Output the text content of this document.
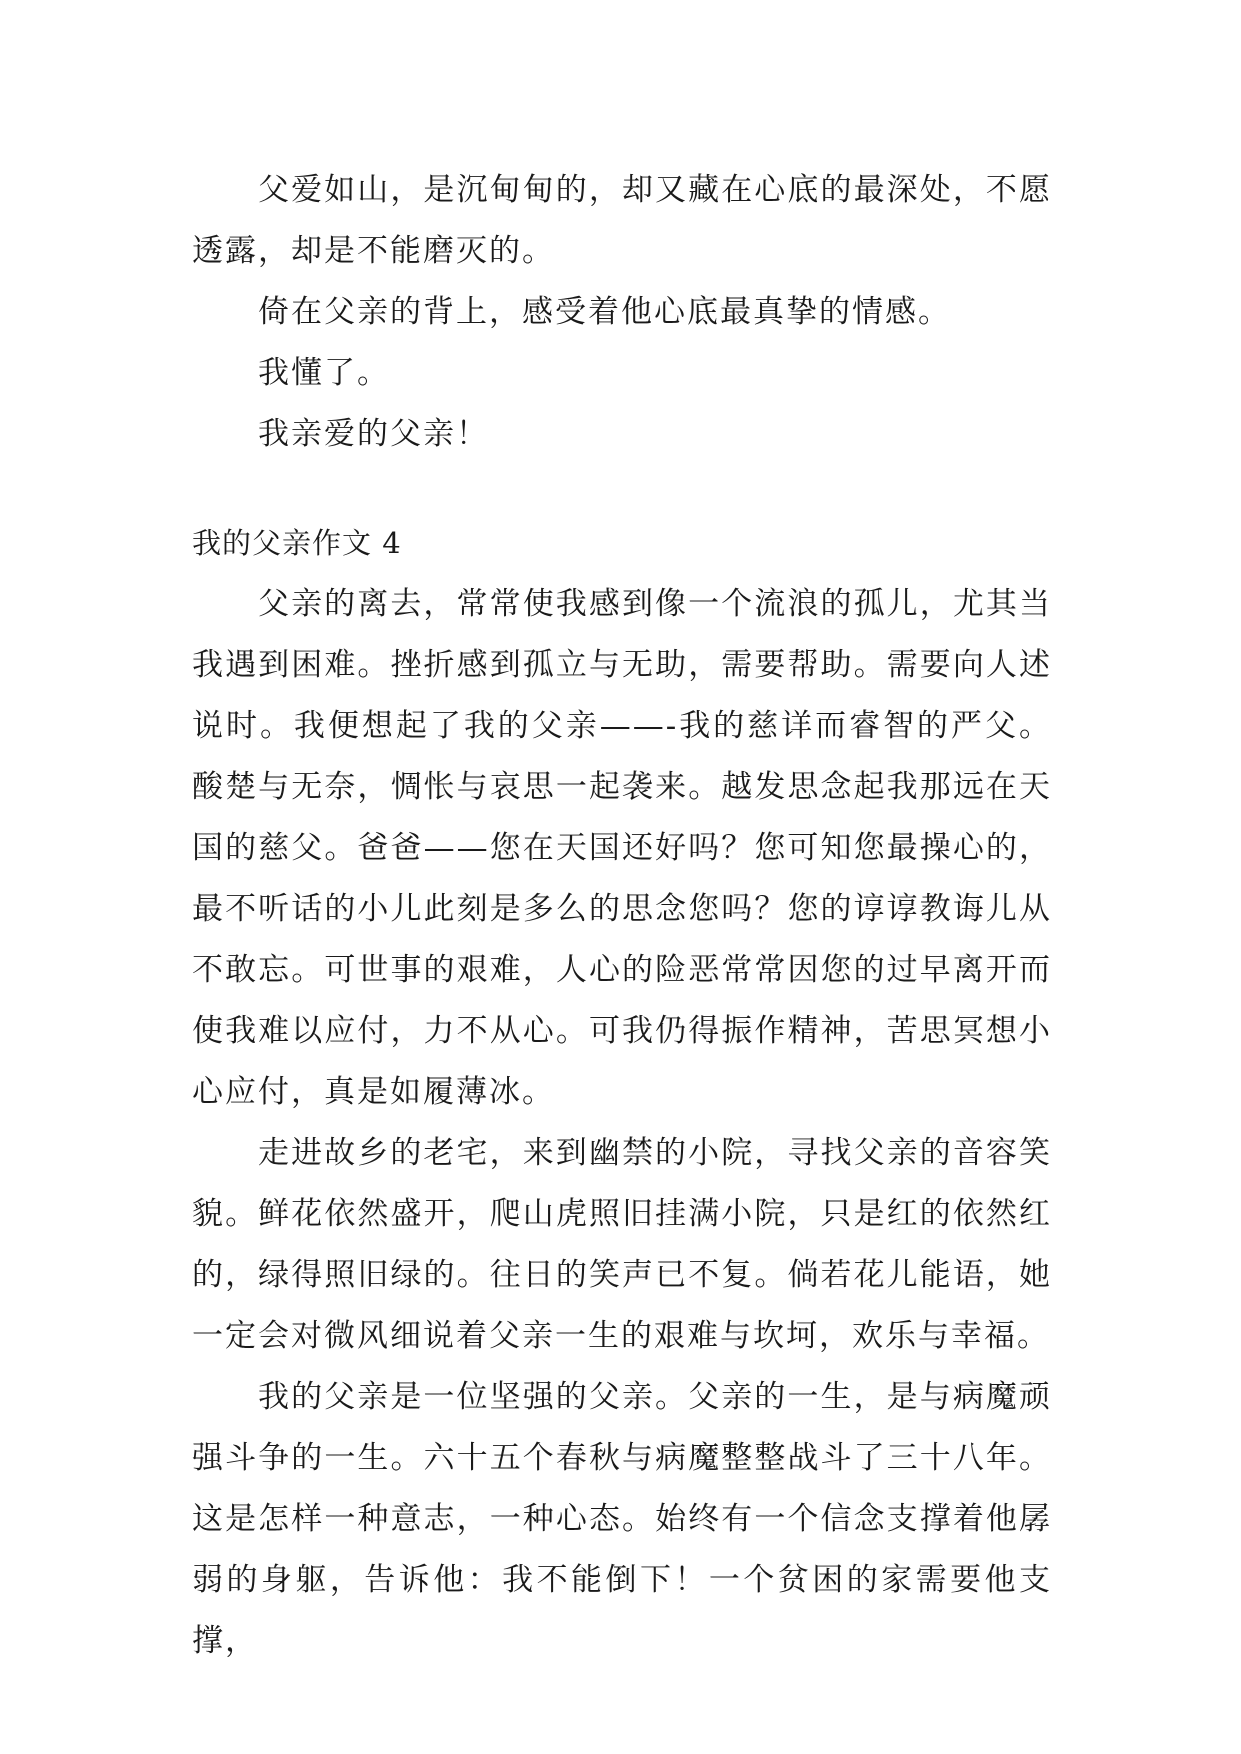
父爱如山，是沉甸甸的，却又藏在心底的最深处，不愿透露，却是不能磨灭的。

倚在父亲的背上，感受着他心底最真挚的情感。

我懂了。

我亲爱的父亲！

我的父亲作文 4

父亲的离去，常常使我感到像一个流浪的孤儿，尤其当我遇到困难。挫折感到孤立与无助，需要帮助。需要向人述说时。我便想起了我的父亲——-我的慈详而睿智的严父。酸楚与无奈，惆怅与哀思一起袭来。越发思念起我那远在天国的慈父。爸爸——您在天国还好吗？您可知您最操心的，最不听话的小儿此刻是多么的思念您吗？您的谆谆教诲儿从不敢忘。可世事的艰难，人心的险恶常常因您的过早离开而使我难以应付，力不从心。可我仍得振作精神，苦思冥想小心应付，真是如履薄冰。

走进故乡的老宅，来到幽禁的小院，寻找父亲的音容笑貌。鲜花依然盛开，爬山虎照旧挂满小院，只是红的依然红的，绿得照旧绿的。往日的笑声已不复。倘若花儿能语，她一定会对微风细说着父亲一生的艰难与坎坷，欢乐与幸福。

我的父亲是一位坚强的父亲。父亲的一生，是与病魔顽强斗争的一生。六十五个春秋与病魔整整战斗了三十八年。这是怎样一种意志，一种心态。始终有一个信念支撑着他孱弱的身躯，告诉他：我不能倒下！一个贫困的家需要他支撑，
